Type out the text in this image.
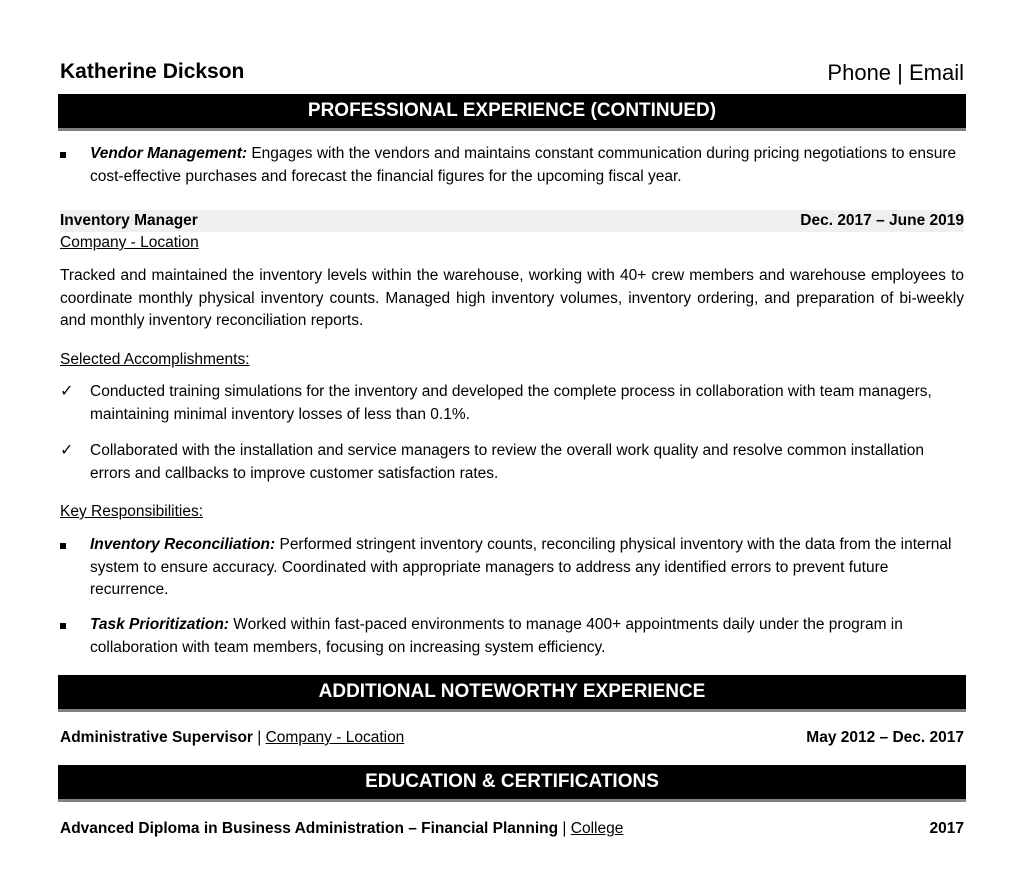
Katherine Dickson	Phone | Email
PROFESSIONAL EXPERIENCE (CONTINUED)
Vendor Management: Engages with the vendors and maintains constant communication during pricing negotiations to ensure cost-effective purchases and forecast the financial figures for the upcoming fiscal year.
Inventory Manager	Dec. 2017 – June 2019
Company - Location
Tracked and maintained the inventory levels within the warehouse, working with 40+ crew members and warehouse employees to coordinate monthly physical inventory counts. Managed high inventory volumes, inventory ordering, and preparation of bi-weekly and monthly inventory reconciliation reports.
Selected Accomplishments:
✓	Conducted training simulations for the inventory and developed the complete process in collaboration with team managers, maintaining minimal inventory losses of less than 0.1%.
✓	Collaborated with the installation and service managers to review the overall work quality and resolve common installation errors and callbacks to improve customer satisfaction rates.
Key Responsibilities:
Inventory Reconciliation: Performed stringent inventory counts, reconciling physical inventory with the data from the internal system to ensure accuracy. Coordinated with appropriate managers to address any identified errors to prevent future recurrence.
Task Prioritization: Worked within fast-paced environments to manage 400+ appointments daily under the program in collaboration with team members, focusing on increasing system efficiency.
ADDITIONAL NOTEWORTHY EXPERIENCE
Administrative Supervisor | Company - Location	May 2012 – Dec. 2017
EDUCATION & CERTIFICATIONS
Advanced Diploma in Business Administration – Financial Planning | College	2017
